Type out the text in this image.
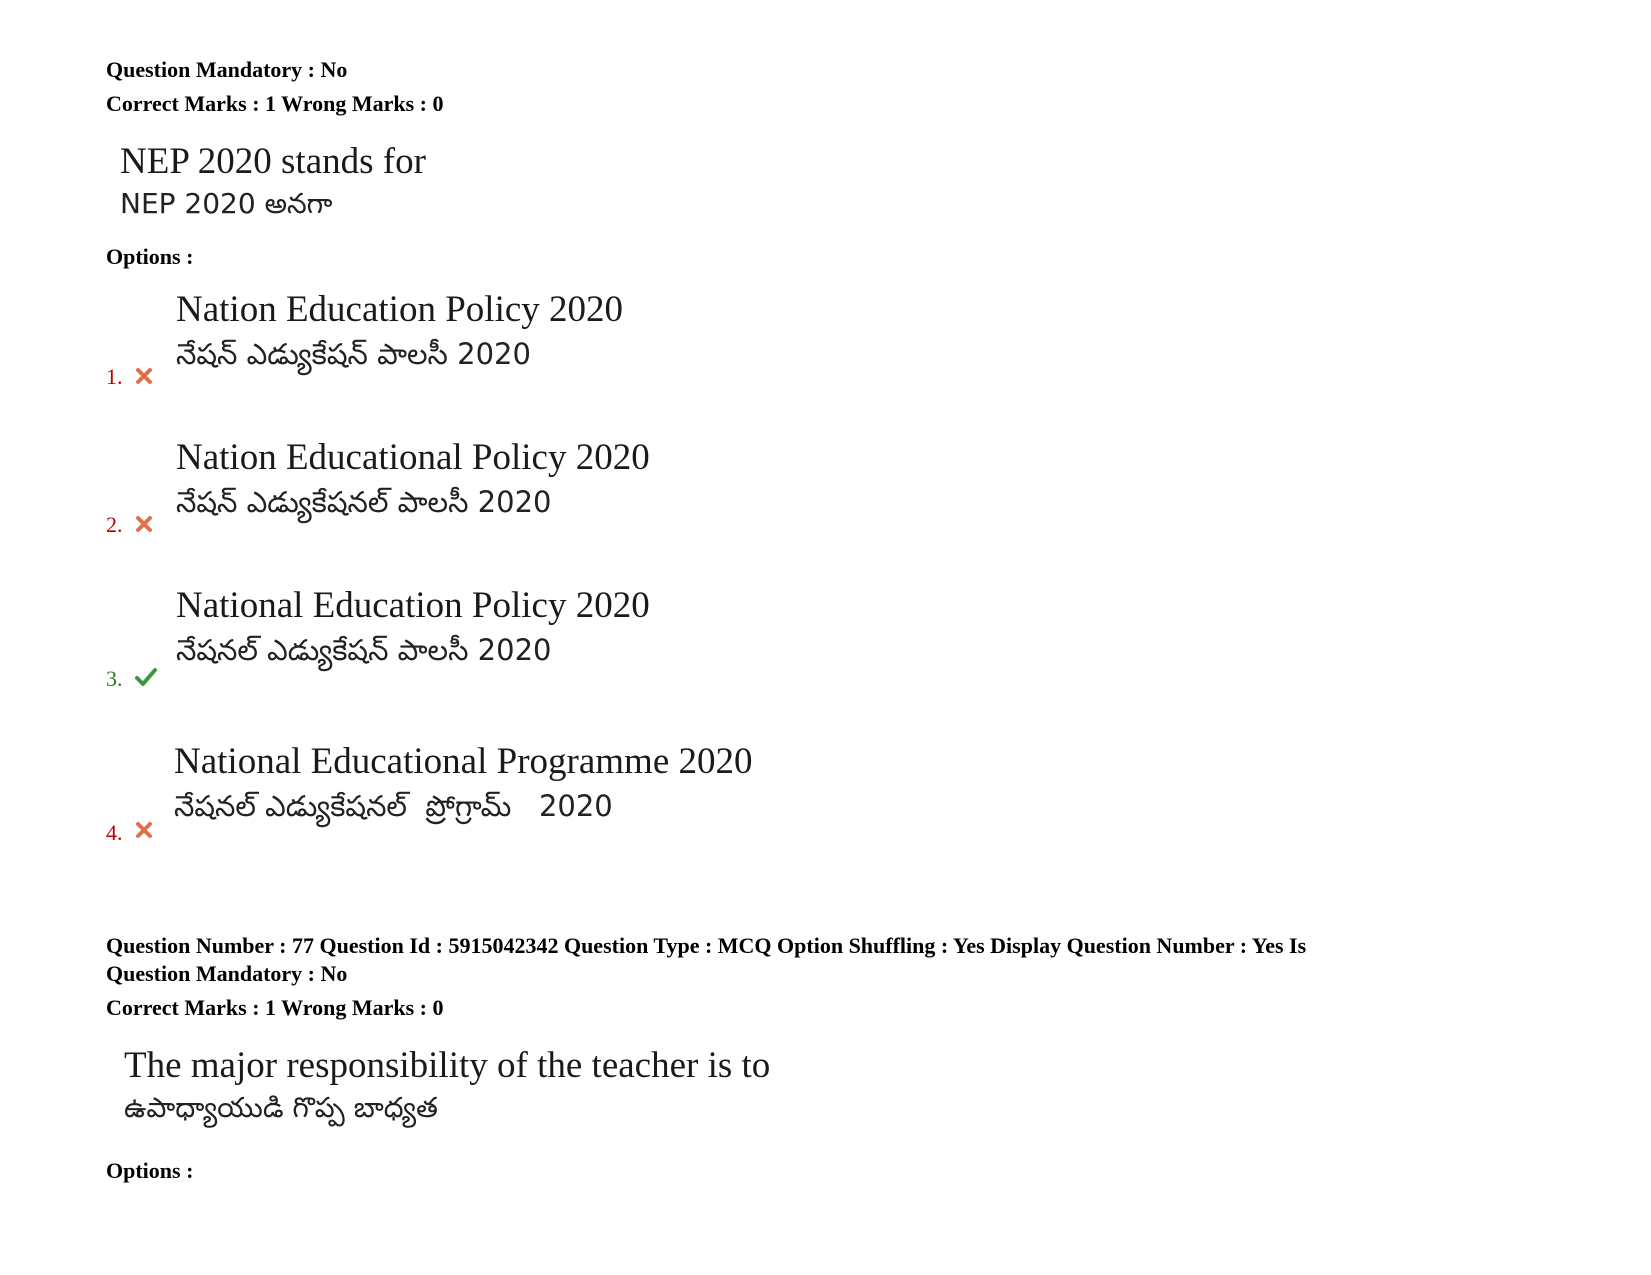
Question Mandatory : No
Correct Marks : 1 Wrong Marks : 0
NEP 2020 stands for
NEP 2020 అనగా
Options :
1.
Nation Education Policy 2020
నేషన్ ఎడ్యుకేషన్ పాలసీ 2020
2.
Nation Educational Policy 2020
నేషన్ ఎడ్యుకేషనల్ పాలసీ 2020
3.
National Education Policy 2020
నేషనల్ ఎడ్యుకేషన్ పాలసీ 2020
4.
National Educational Programme 2020
నేషనల్ ఎడ్యుకేషనల్  ప్రోగ్రామ్   2020
Question Number : 77 Question Id : 5915042342 Question Type : MCQ Option Shuffling : Yes Display Question Number : Yes Is
Question Mandatory : No
Correct Marks : 1 Wrong Marks : 0
The major responsibility of the teacher is to
ఉపాధ్యాయుడి గొప్ప బాధ్యత
Options :
